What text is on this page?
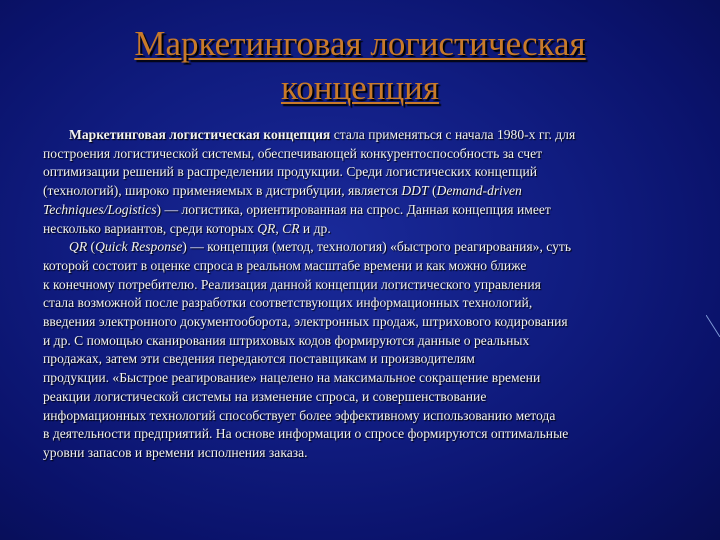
Маркетинговая логистическая
концепция
Маркетинговая логистическая концепция стала применяться с начала 1980-х гг. для
построения логистической системы, обеспечивающей конкурентоспособность за счет
оптимизации решений в распределении продукции. Среди логистических концепций
(технологий), широко применяемых в дистрибуции, является DDT (Demand-driven
Techniques/Logistics) — логистика, ориентированная на спрос. Данная концепция имеет
несколько вариантов, среди которых QR, CR и др.
QR (Quick Response) — концепция (метод, технология) «быстрого реагирования», суть
которой состоит в оценке спроса в реальном масштабе времени и как можно ближе
к конечному потребителю. Реализация данной концепции логистического управления
стала возможной после разработки соответствующих информационных технологий,
введения электронного документооборота, электронных продаж, штрихового кодирования
и др. С помощью сканирования штриховых кодов формируются данные о реальных
продажах, затем эти сведения передаются поставщикам и производителям
продукции. «Быстрое реагирование» нацелено на максимальное сокращение времени
реакции логистической системы на изменение спроса, и совершенствование
информационных технологий способствует более эффективному использованию метода
в деятельности предприятий. На основе информации о спросе формируются оптимальные
уровни запасов и времени исполнения заказа.
